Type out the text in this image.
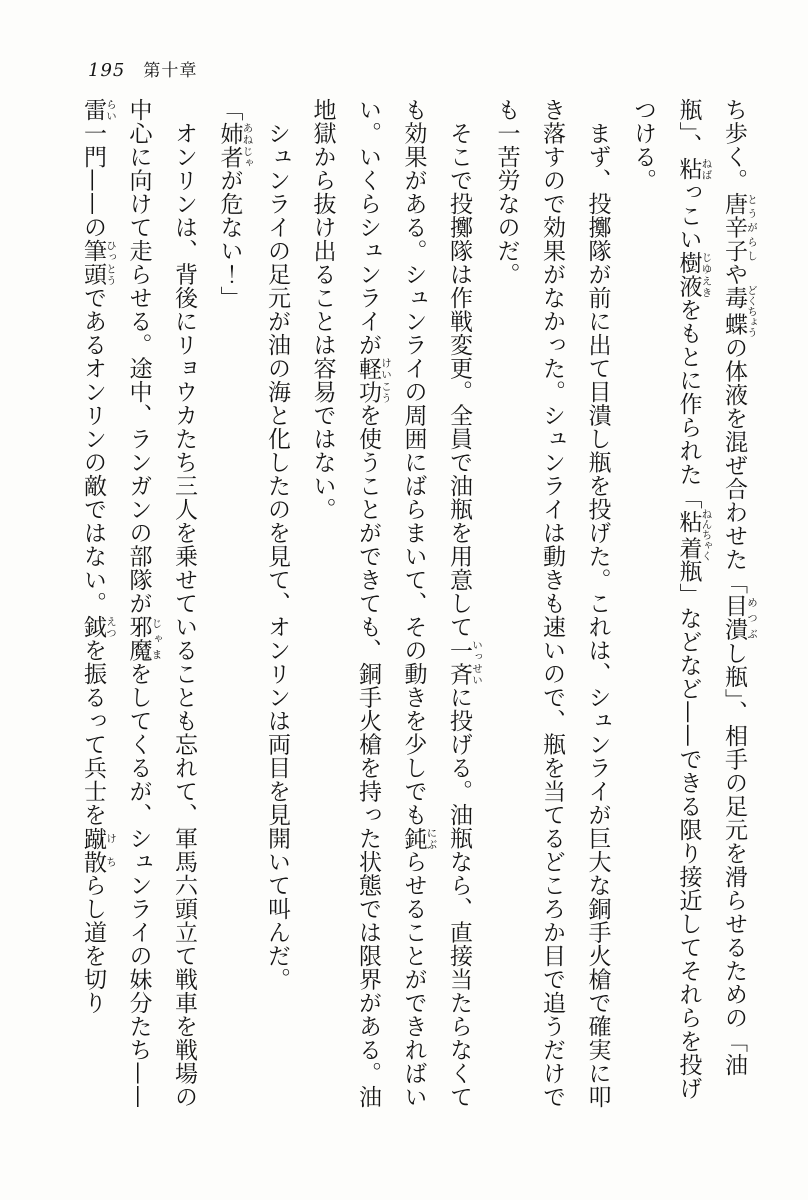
195 第十章

ち歩く。唐辛子 とうがらしや毒蝶 どくちょうの体液を混ぜ合わせた「目潰 めつぶし瓶」、相手の足元を滑らせるための「油瓶」、粘 ねばっこい樹液 じゆえきをもとに作られた「粘着 ねんちゃく瓶」などなど——できる限り接近してそれらを投げつける。

　まず、投擲隊が前に出て目潰し瓶を投げた。これは、シュンライが巨大な銅手火槍で確実に叩き落すので効果がなかった。シュンライは動きも速いので、瓶を当てるどころか目で追うだけでも一苦労なのだ。

　そこで投擲隊は作戦変更。全員で油瓶を用意して一斉 いっせいに投げる。油瓶なら、直接当たらなくても効果がある。シュンライの周囲にばらまいて、その動きを少しでも鈍 にぶらせることができればいい。いくらシュンライが軽功 けいこうを使うことができても、銅手火槍を持った状態では限界がある。油地獄から抜け出ることは容易ではない。

　シュンライの足元が油の海と化したのを見て、オンリンは両目を見開いて叫んだ。

「姉者 あねじゃが危ない！」

　オンリンは、背後にリョウカたち三人を乗せていることも忘れて、軍馬六頭立て戦車を戦場の中心に向けて走らせる。途中、ランガンの部隊が邪魔 じゃまをしてくるが、シュンライの妹分たち——雷 らい一門——の筆頭 ひっとうであるオンリンの敵ではない。鉞 えつを振るって兵士を蹴散 けちらし道を切り
